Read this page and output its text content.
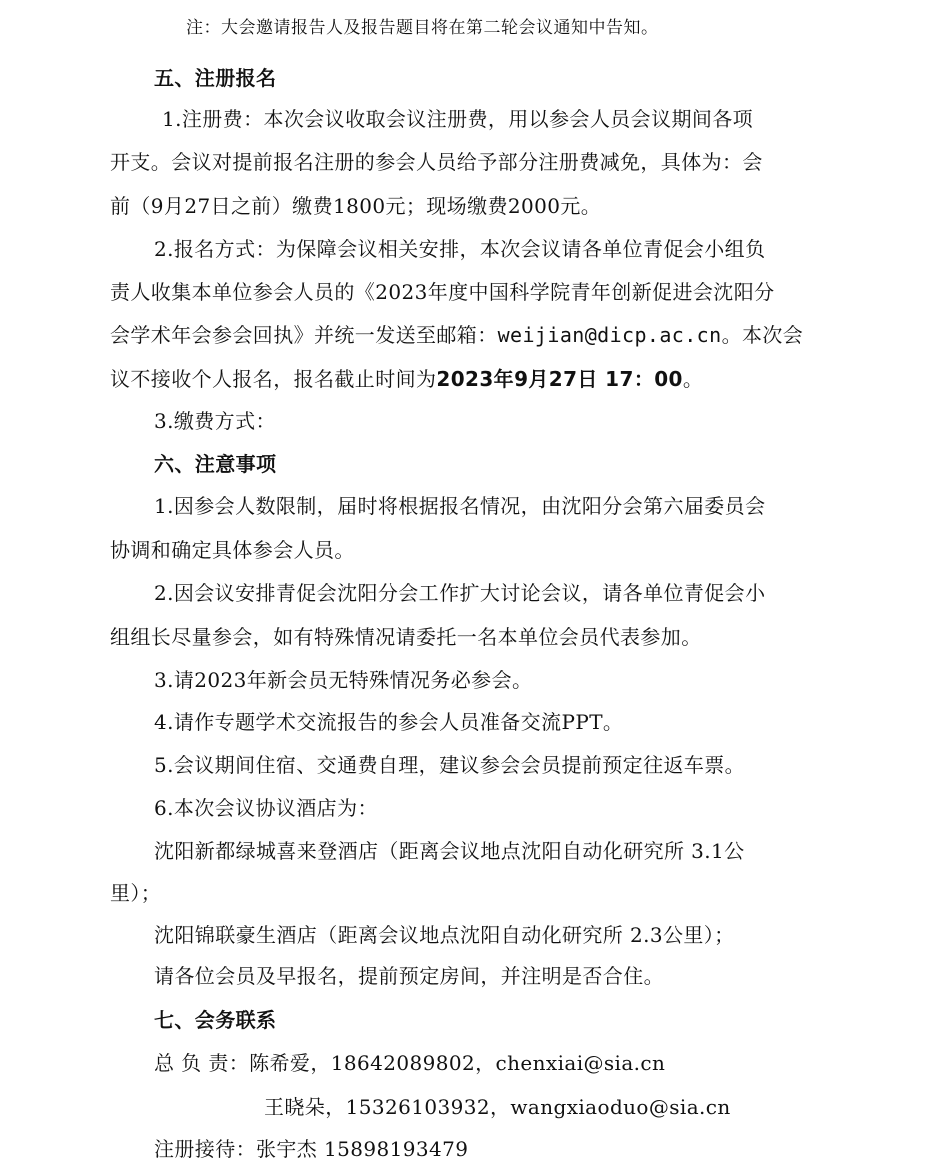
注：大会邀请报告人及报告题目将在第二轮会议通知中告知。
五、注册报名
1.注册费：本次会议收取会议注册费，用以参会人员会议期间各项
开支。会议对提前报名注册的参会人员给予部分注册费减免，具体为：会
前（9月27日之前）缴费1800元；现场缴费2000元。
2.报名方式：为保障会议相关安排，本次会议请各单位青促会小组负
责人收集本单位参会人员的《2023年度中国科学院青年创新促进会沈阳分
会学术年会参会回执》并统一发送至邮箱：weijian@dicp.ac.cn。本次会
议不接收个人报名，报名截止时间为2023年9月27日 17：00。
3.缴费方式：
六、注意事项
1.因参会人数限制，届时将根据报名情况，由沈阳分会第六届委员会
协调和确定具体参会人员。
2.因会议安排青促会沈阳分会工作扩大讨论会议，请各单位青促会小
组组长尽量参会，如有特殊情况请委托一名本单位会员代表参加。
3.请2023年新会员无特殊情况务必参会。
4.请作专题学术交流报告的参会人员准备交流PPT。
5.会议期间住宿、交通费自理，建议参会会员提前预定往返车票。
6.本次会议协议酒店为：
沈阳新都绿城喜来登酒店（距离会议地点沈阳自动化研究所 3.1公
里）；
沈阳锦联豪生酒店（距离会议地点沈阳自动化研究所 2.3公里）；
请各位会员及早报名，提前预定房间，并注明是否合住。
七、会务联系
总 负 责：陈希爱，18642089802，chenxiai@sia.cn
王晓朵，15326103932，wangxiaoduo@sia.cn
注册接待：张宇杰 15898193479
